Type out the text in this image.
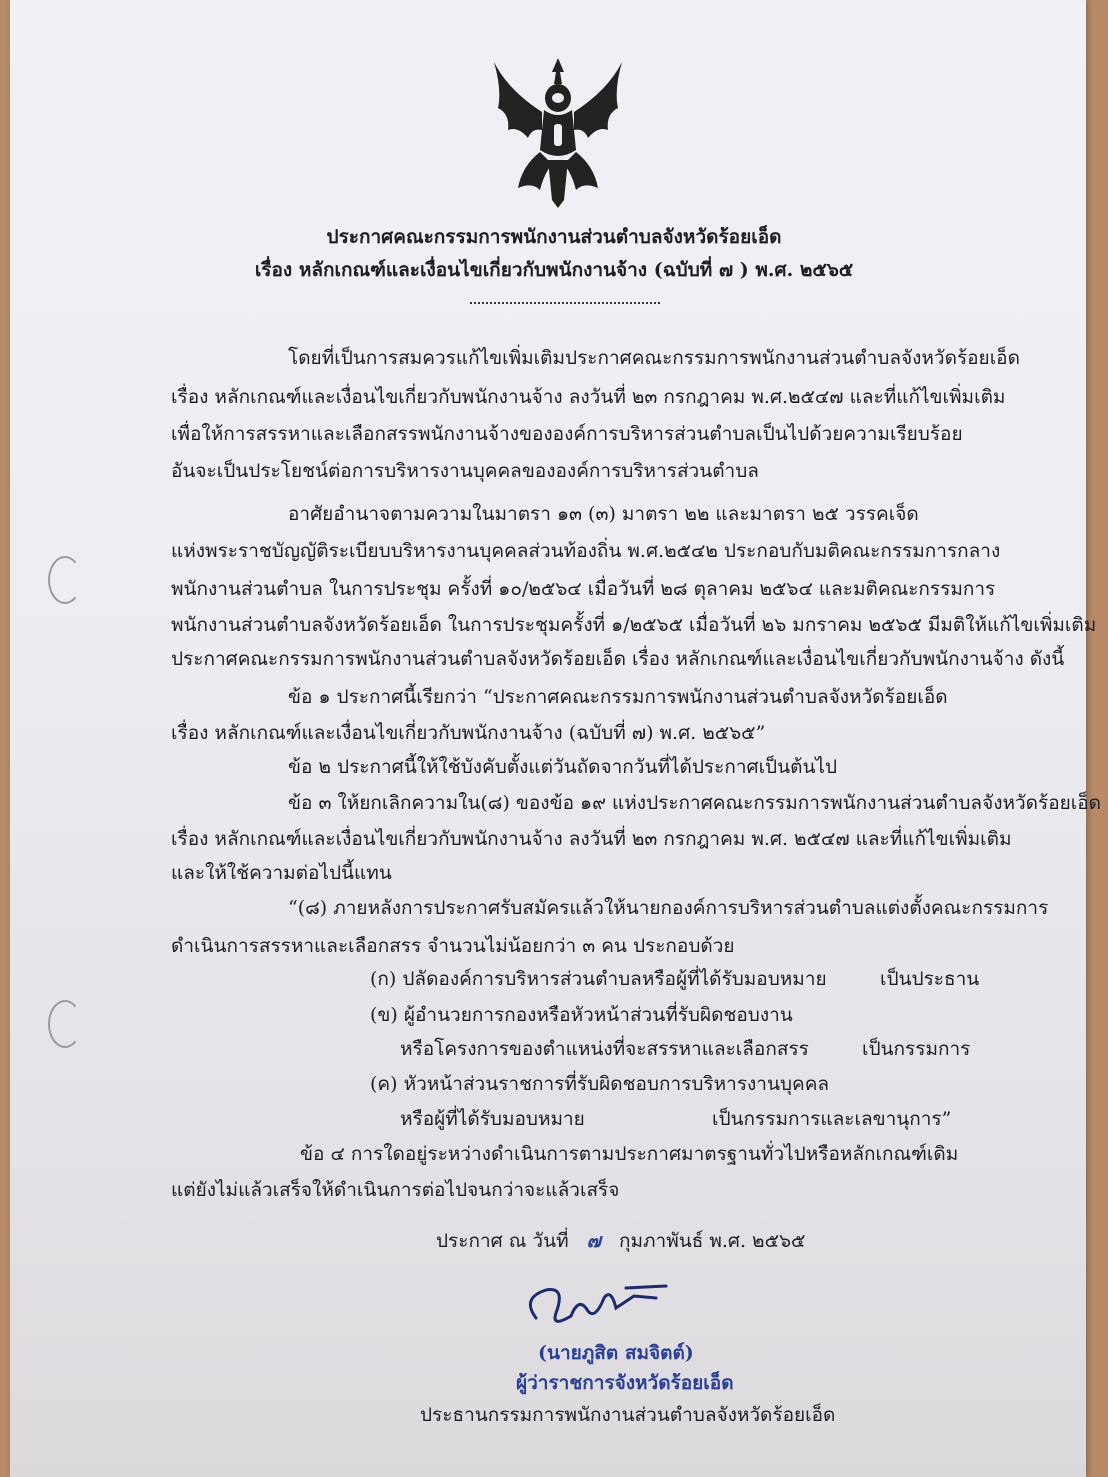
ประกาศคณะกรรมการพนักงานส่วนตำบลจังหวัดร้อยเอ็ด
เรื่อง หลักเกณฑ์และเงื่อนไขเกี่ยวกับพนักงานจ้าง (ฉบับที่ ๗ ) พ.ศ. ๒๕๖๕
โดยที่เป็นการสมควรแก้ไขเพิ่มเติมประกาศคณะกรรมการพนักงานส่วนตำบลจังหวัดร้อยเอ็ด
เรื่อง หลักเกณฑ์และเงื่อนไขเกี่ยวกับพนักงานจ้าง ลงวันที่ ๒๓ กรกฎาคม พ.ศ.๒๕๔๗ และที่แก้ไขเพิ่มเติม
เพื่อให้การสรรหาและเลือกสรรพนักงานจ้างขององค์การบริหารส่วนตำบลเป็นไปด้วยความเรียบร้อย
อันจะเป็นประโยชน์ต่อการบริหารงานบุคคลขององค์การบริหารส่วนตำบล
อาศัยอำนาจตามความในมาตรา ๑๓ (๓) มาตรา ๒๒ และมาตรา ๒๕ วรรคเจ็ด
แห่งพระราชบัญญัติระเบียบบริหารงานบุคคลส่วนท้องถิ่น พ.ศ.๒๕๔๒ ประกอบกับมติคณะกรรมการกลาง
พนักงานส่วนตำบล ในการประชุม ครั้งที่ ๑๐/๒๕๖๔ เมื่อวันที่ ๒๘ ตุลาคม ๒๕๖๔ และมติคณะกรรมการ
พนักงานส่วนตำบลจังหวัดร้อยเอ็ด ในการประชุมครั้งที่ ๑/๒๕๖๕ เมื่อวันที่ ๒๖ มกราคม ๒๕๖๕ มีมติให้แก้ไขเพิ่มเติม
ประกาศคณะกรรมการพนักงานส่วนตำบลจังหวัดร้อยเอ็ด เรื่อง หลักเกณฑ์และเงื่อนไขเกี่ยวกับพนักงานจ้าง ดังนี้
ข้อ ๑ ประกาศนี้เรียกว่า “ประกาศคณะกรรมการพนักงานส่วนตำบลจังหวัดร้อยเอ็ด
เรื่อง หลักเกณฑ์และเงื่อนไขเกี่ยวกับพนักงานจ้าง (ฉบับที่ ๗) พ.ศ. ๒๕๖๕”
ข้อ ๒ ประกาศนี้ให้ใช้บังคับตั้งแต่วันถัดจากวันที่ได้ประกาศเป็นต้นไป
ข้อ ๓ ให้ยกเลิกความใน(๘) ของข้อ ๑๙ แห่งประกาศคณะกรรมการพนักงานส่วนตำบลจังหวัดร้อยเอ็ด
เรื่อง หลักเกณฑ์และเงื่อนไขเกี่ยวกับพนักงานจ้าง ลงวันที่ ๒๓ กรกฎาคม พ.ศ. ๒๕๔๗ และที่แก้ไขเพิ่มเติม
และให้ใช้ความต่อไปนี้แทน
“(๘) ภายหลังการประกาศรับสมัครแล้วให้นายกองค์การบริหารส่วนตำบลแต่งตั้งคณะกรรมการ
ดำเนินการสรรหาและเลือกสรร จำนวนไม่น้อยกว่า ๓ คน ประกอบด้วย
(ก) ปลัดองค์การบริหารส่วนตำบลหรือผู้ที่ได้รับมอบหมาย	เป็นประธาน
(ข) ผู้อำนวยการกองหรือหัวหน้าส่วนที่รับผิดชอบงาน
หรือโครงการของตำแหน่งที่จะสรรหาและเลือกสรร	เป็นกรรมการ
(ค) หัวหน้าส่วนราชการที่รับผิดชอบการบริหารงานบุคคล
หรือผู้ที่ได้รับมอบหมาย	เป็นกรรมการและเลขานุการ”
ข้อ ๔ การใดอยู่ระหว่างดำเนินการตามประกาศมาตรฐานทั่วไปหรือหลักเกณฑ์เดิม
แต่ยังไม่แล้วเสร็จให้ดำเนินการต่อไปจนกว่าจะแล้วเสร็จ
ประกาศ ณ วันที่ ๗ กุมภาพันธ์ พ.ศ. ๒๕๖๕
(นายภูสิต สมจิตต์)
ผู้ว่าราชการจังหวัดร้อยเอ็ด
ประธานกรรมการพนักงานส่วนตำบลจังหวัดร้อยเอ็ด
